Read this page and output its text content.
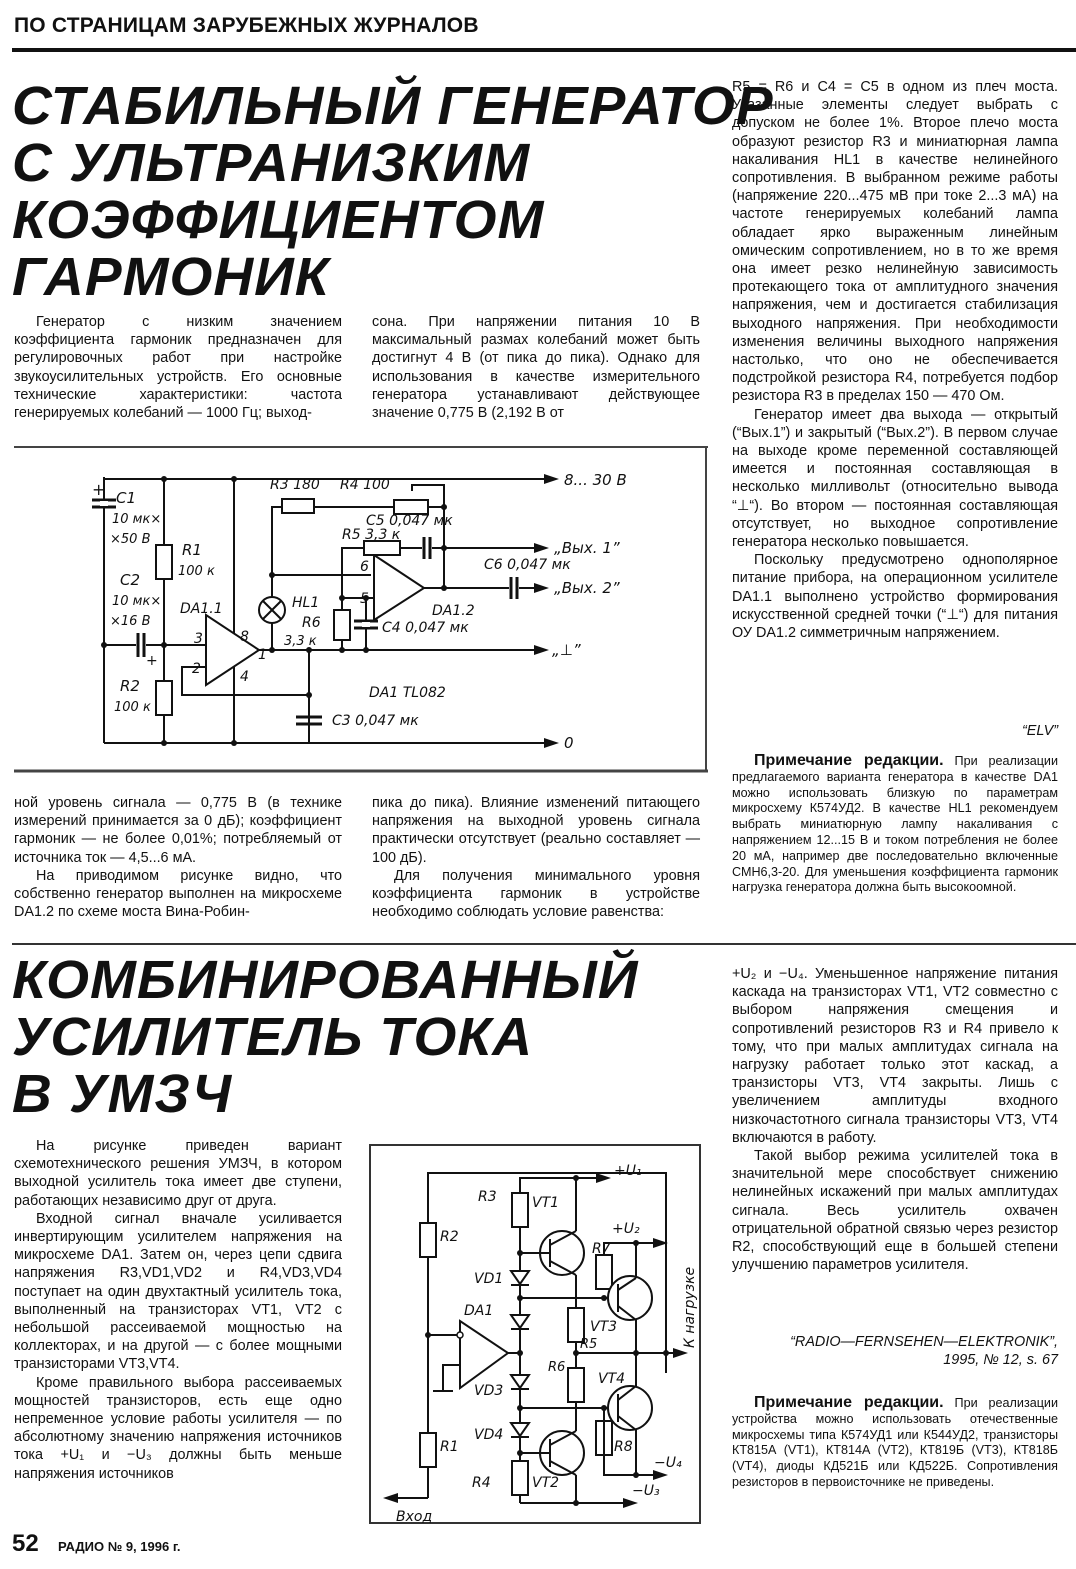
ПО СТРАНИЦАМ ЗАРУБЕЖНЫХ ЖУРНАЛОВ
СТАБИЛЬНЫЙ ГЕНЕРАТОР
С УЛЬТРАНИЗКИМ
КОЭФФИЦИЕНТОМ
ГАРМОНИК

Генератор с низким значением коэффициента гармоник предназначен для регулировочных работ при настройке звукоусилительных устройств. Его основные технические характеристики: частота генерируемых колебаний — 1000 Гц; выход-

сона. При напряжении питания 10 В максимальный размах колебаний может быть достигнут 4 В (от пика до пика). Однако для использования в качестве измерительного генератора устанавливают действующее значение 0,775 В (2,192 В от

+
+
C1
10 мк×
×50 В
C2
10 мк×
×16 В
R1
100 к
R2
100 к
DA1.1
3
2
8
4
1
R3 180 R4 100
C5 0,047 мк
R5 3,3 к
6
5
HL1
R6
3,3 к
C4 0,047 мк
DA1.2
C6 0,047 мк
DA1 TL082
C3 0,047 мк
8... 30 В
„Вых. 1”
„Вых. 2”
„⊥”
0

ной уровень сигнала — 0,775 В (в технике измерений принимается за 0 дБ); коэффициент гармоник — не более 0,01%; потребляемый от источника ток — 4,5...6 мА.

На приводимом рисунке видно, что собственно генератор выполнен на микросхеме DA1.2 по схеме моста Вина-Робин-

пика до пика). Влияние изменений питающего напряжения на выходной уровень сигнала практически отсутствует (реально составляет —100 дБ).

Для получения минимального уровня коэффициента гармоник в устройстве необходимо соблюдать условие равенства:

R5 = R6 и C4 = C5 в одном из плеч моста. Указанные элементы следует выбрать с допуском не более 1%. Второе плечо моста образуют резистор R3 и миниатюрная лампа накаливания HL1 в качестве нелинейного сопротивления. В выбранном режиме работы (напряжение 220...475 мВ при токе 2...3 мА) на частоте генерируемых колебаний лампа обладает ярко выраженным линейным омическим сопротивлением, но в то же время она имеет резко нелинейную зависимость протекающего тока от амплитудного значения напряжения, чем и достигается стабилизация выходного напряжения. При необходимости изменения величины выходного напряжения настолько, что оно не обеспечивается подстройкой резистора R4, потребуется подбор резистора R3 в пределах 150 — 470 Ом.

Генератор имеет два выхода — открытый (“Вых.1”) и закрытый (“Вых.2”). В первом случае на выходе кроме переменной составляющей имеется и постоянная составляющая в несколько милливольт (относительно вывода “⊥“). Во втором — постоянная составляющая отсутствует, но выходное сопротивление генератора несколько повышается.

Поскольку предусмотрено однополярное питание прибора, на операционном усилителе DA1.1 выполнено устройство формирования искусственной средней точки (“⊥“) для питания ОУ DA1.2 симметричным напряжением.

“ELV”

Примечание редакции. При реализации предлагаемого варианта генератора в качестве DA1 можно использовать близкую по параметрам микросхему К574УД2. В качестве HL1 рекомендуем выбрать миниатюрную лампу накаливания с напряжением 12...15 В и током потребления не более 20 мА, например две последовательно включенные СМН6,3-20. Для уменьшения коэффициента гармоник нагрузка генератора должна быть высокоомной.

КОМБИНИРОВАННЫЙ
УСИЛИТЕЛЬ ТОКА
В УМЗЧ

На рисунке приведен вариант схемотехнического решения УМЗЧ, в котором выходной усилитель тока имеет две ступени, работающих независимо друг от друга.

Входной сигнал вначале усиливается инвертирующим усилителем напряжения на микросхеме DA1. Затем он, через цепи сдвига напряжения R3,VD1,VD2 и R4,VD3,VD4 поступает на один двухтактный усилитель тока, выполненный на транзисторах VT1, VT2 с небольшой рассеиваемой мощностью на коллекторах, и на другой — с более мощными транзисторами VT3,VT4.

Кроме правильного выбора рассеиваемых мощностей транзисторов, есть еще одно непременное условие работы усилителя — по абсолютному значению напряжения источников тока +U₁ и −U₃ должны быть меньше напряжения источников

R2
R3	VT1
+U₁
+U₂
R7
VD1
VT3
R5
DA1	К нагрузке
R6
VT4
VD3
R1
VD4
R8
−U₄
Вход
R4	VT2	−U₃

+U₂ и −U₄. Уменьшенное напряжение питания каскада на транзисторах VT1, VT2 совместно с выбором напряжения смещения и сопротивлений резисторов R3 и R4 привело к тому, что при малых амплитудах сигнала на нагрузку работает только этот каскад, а транзисторы VT3, VT4 закрыты. Лишь с увеличением амплитуды входного низкочастотного сигнала транзисторы VT3, VT4 включаются в работу.

Такой выбор режима усилителей тока в значительной мере способствует снижению нелинейных искажений при малых амплитудах сигнала. Весь усилитель охвачен отрицательной обратной связью через резистор R2, способствующий еще в большей степени улучшению параметров усилителя.

“RADIO—FERNSEHEN—ELEKTRONIK”,
1995, № 12, s. 67

Примечание редакции. При реализации устройства можно использовать отечественные микросхемы типа К574УД1 или К544УД2, транзисторы КТ815А (VT1), КТ814А (VT2), КТ819Б (VT3), КТ818Б (VT4), диоды КД521Б или КД522Б. Сопротивления резисторов в первоисточнике не приведены.

52 РАДИО № 9, 1996 г.
